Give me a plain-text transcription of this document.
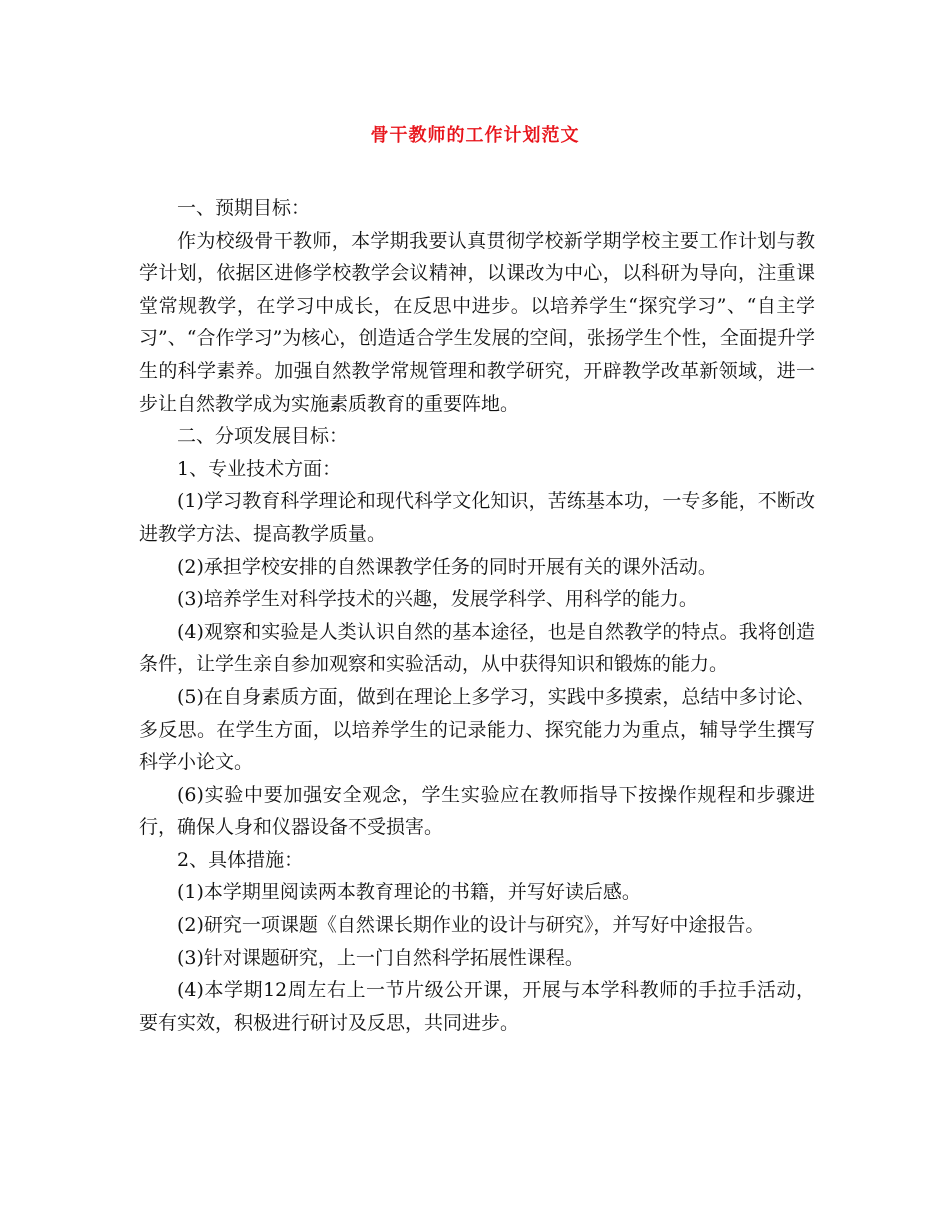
骨干教师的工作计划范文

一、预期目标：

作为校级骨干教师，本学期我要认真贯彻学校新学期学校主要工作计划与教学计划，依据区进修学校教学会议精神，以课改为中心，以科研为导向，注重课堂常规教学，在学习中成长，在反思中进步。以培养学生“探究学习”、“自主学习”、“合作学习”为核心，创造适合学生发展的空间，张扬学生个性，全面提升学生的科学素养。加强自然教学常规管理和教学研究，开辟教学改革新领域，进一步让自然教学成为实施素质教育的重要阵地。

二、分项发展目标：

1、专业技术方面：

(1)学习教育科学理论和现代科学文化知识，苦练基本功，一专多能，不断改进教学方法、提高教学质量。

(2)承担学校安排的自然课教学任务的同时开展有关的课外活动。

(3)培养学生对科学技术的兴趣，发展学科学、用科学的能力。

(4)观察和实验是人类认识自然的基本途径，也是自然教学的特点。我将创造条件，让学生亲自参加观察和实验活动，从中获得知识和锻炼的能力。

(5)在自身素质方面，做到在理论上多学习，实践中多摸索，总结中多讨论、多反思。在学生方面，以培养学生的记录能力、探究能力为重点，辅导学生撰写科学小论文。

(6)实验中要加强安全观念，学生实验应在教师指导下按操作规程和步骤进行，确保人身和仪器设备不受损害。

2、具体措施：

(1)本学期里阅读两本教育理论的书籍，并写好读后感。

(2)研究一项课题《自然课长期作业的设计与研究》，并写好中途报告。

(3)针对课题研究，上一门自然科学拓展性课程。

(4)本学期12周左右上一节片级公开课，开展与本学科教师的手拉手活动，要有实效，积极进行研讨及反思，共同进步。
